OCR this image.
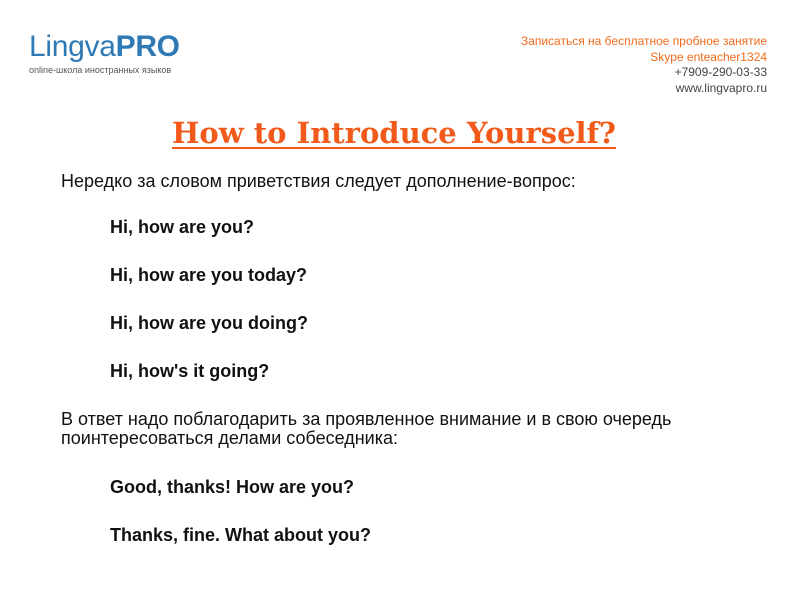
LingvaPRO
online-школа иностранных языков
Записаться на бесплатное пробное занятие
Skype enteacher1324
+7909-290-03-33
www.lingvapro.ru
How to Introduce Yourself?
Нередко за словом приветствия следует дополнение-вопрос:
Hi, how are you?
Hi, how are you today?
Hi, how are you doing?
Hi, how's it going?
В ответ надо поблагодарить за проявленное внимание и в свою очередь поинтересоваться делами собеседника:
Good, thanks! How are you?
Thanks, fine. What about you?
